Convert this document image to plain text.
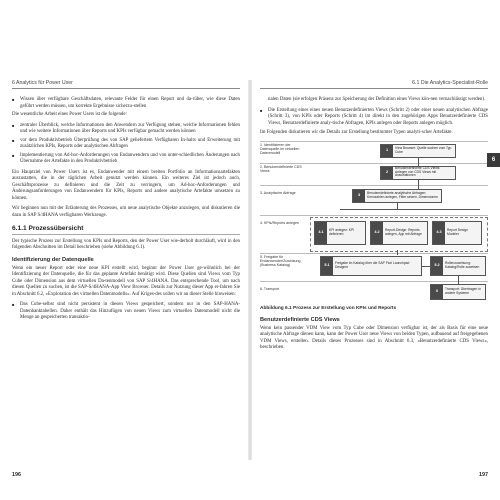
6 Analytics für Power User
■ Wissen über verfügbare Geschäftsdaten, relevante Felder für einen Report und da-rüber, wie diese Daten geführt werden müssen, um korrekte Ergebnisse sicherzu-stellen

Die wesentliche Arbeit eines Power Users ist die folgende:

■ zentraler Überblick, welche Informationen den Anwendern zur Verfügung stehen, welche Informationen fehlen und wie weitere Informationen über Reports und KPIs verfügbar gemacht werden können
■ vor dem Produktivbetrieb Überprüfung des von SAP geliefertem Verfügbaren In-halts und Erweiterung mit zusätzlichen KPIs, Reports oder analytischen Abfragen
■ Implementierung von Ad-hoc-Anforderungen von Endanwendern und von unter-schiedlichen Änderungen nach Übernahme der Artefakte in den Produktivbetrieb

Ein Hauptziel von Power Users ist es, Endanwender mit einem breiten Portfolio an Informationsartefakten auszustatten, die in der täglichen Arbeit genutzt werden können. Ein weiteres Ziel ist jedoch auch, Geschäftsprozesse zu definieren und die Zeit zu verringern, um Ad-hoc-Anforderungen und Änderungsanforderungen von Endanwendern für KPIs, Reports und andere analytische Artefakte umsetzen zu können.

Wir beginnen nun mit der Erläuterung des Prozesses, um neue analytische Objekte anzulegen, und diskutieren die dazu in SAP S/4HANA verfügbaren Werkzeuge.

6.1.1 Prozessübersicht

Der typische Prozess zur Erstellung von KPIs und Reports, den der Power User wie-derholt durchläuft, wird in den folgenden Abschnitten im Detail beschrieben (siehe Abbildung 6.1).

Identifizierung der Datenquelle

Wenn ein neuer Report oder eine neue KPI erstellt wird, beginnt der Power User ge-wöhnlich bei der Identifizierung der Datenquelle, die für das geplante Artefakt benötigt wird. Diese Quellen sind Views vom Typ Cube oder Dimension aus dem virtuellen Da-tenmodell von SAP S/4HANA. Das entsprechende Tool, um nach diesen Quellen zu suchen, ist die SAP-S/4HANA-App View Browser. Details zur Nutzung dieser App er-fahren Sie in Abschnitt 6.2, »Exploration des virtuellen Datenmodells«. Auf Kriges-des sollen wir an dieser Stelle hinweisen:

■ Das Cube-selbst sind nicht persistent in diesen Views gespeichert, sondern nur in den SAP-HANA-Datenbanktabellen. Daher enthält das Hinzufügen von neuen Views zum virtuellen Datenmodell nicht die Menge an gespeicherten transaktio-
196
6.1 Die Analytics-Specialist-Rolle

nalen Daten (sie erfolgen Präsenz zur Speicherung der Definition eines Views kön-nen vernachlässigt werden).

■ Die Erstellung eines eines neuen Benutzerdefinierten Views (Schritt 2) oder einer neuen analytischen Abfrage (Schritt 3), von KPIs oder Reports (Schritt 4) im direkt in den zugehörigen Apps Benutzerdefinierte CDS Views, Benutzerdefinierte analy-tische Abfragen, KPIs anlegen oder Reports anlegen möglich.

Im Folgenden diskutieren wir die Details zur Erstellung bestimmter Typen analyti-scher Artefakte.

1. Identifizieren der Datenquelle im virtuellen Datenmodell
2. Benutzerdefinierte CDS Views
3. Analytische Abfrage
4. KPIs/Reports anlegen
5. Freigabe für Endanwender/Zuweisung (Business Katalog)
6. Transport
1	View Browser: Quelle suchen vom Typ Cube
2
Benutzerdefinierte CDS Views: Anlegen von CDS Views mit Assoziationen
3	Benutzerdefinierte analytische Abfragen: Kennzahlen anlegen, Filter setzen, Dimensionen
4.1	KPI anlegen: KPI definieren	4.2	Report-Design: Reports anlegen, App mit Abfrage	4.3	Report Design Modeler
5.1	Freigabe im Katalog über die SAP Fiori Launchpad Designer	5.2	Rollenzuweisung: Katalog/Rolle zuweisen
6	Transport: Übertragen in andere Systeme
Abbildung 6.1 Prozess zur Erstellung von KPIs und Reports
Benutzerdefinierte CDS Views

Wenn kein passender VDM View vom Typ Cube oder Dimension verfügbar ist, der als Basis für eine neue analytische Abfrage dienen kann, kann der Power User neue Views von beiden Typen, aufbauend auf freigegebenen VDM Views, erstellen. Details dieses Prozesses sind in Abschnitt 6.3, »Benutzerdefinierte CDS Views«, beschrieben.

197
6
